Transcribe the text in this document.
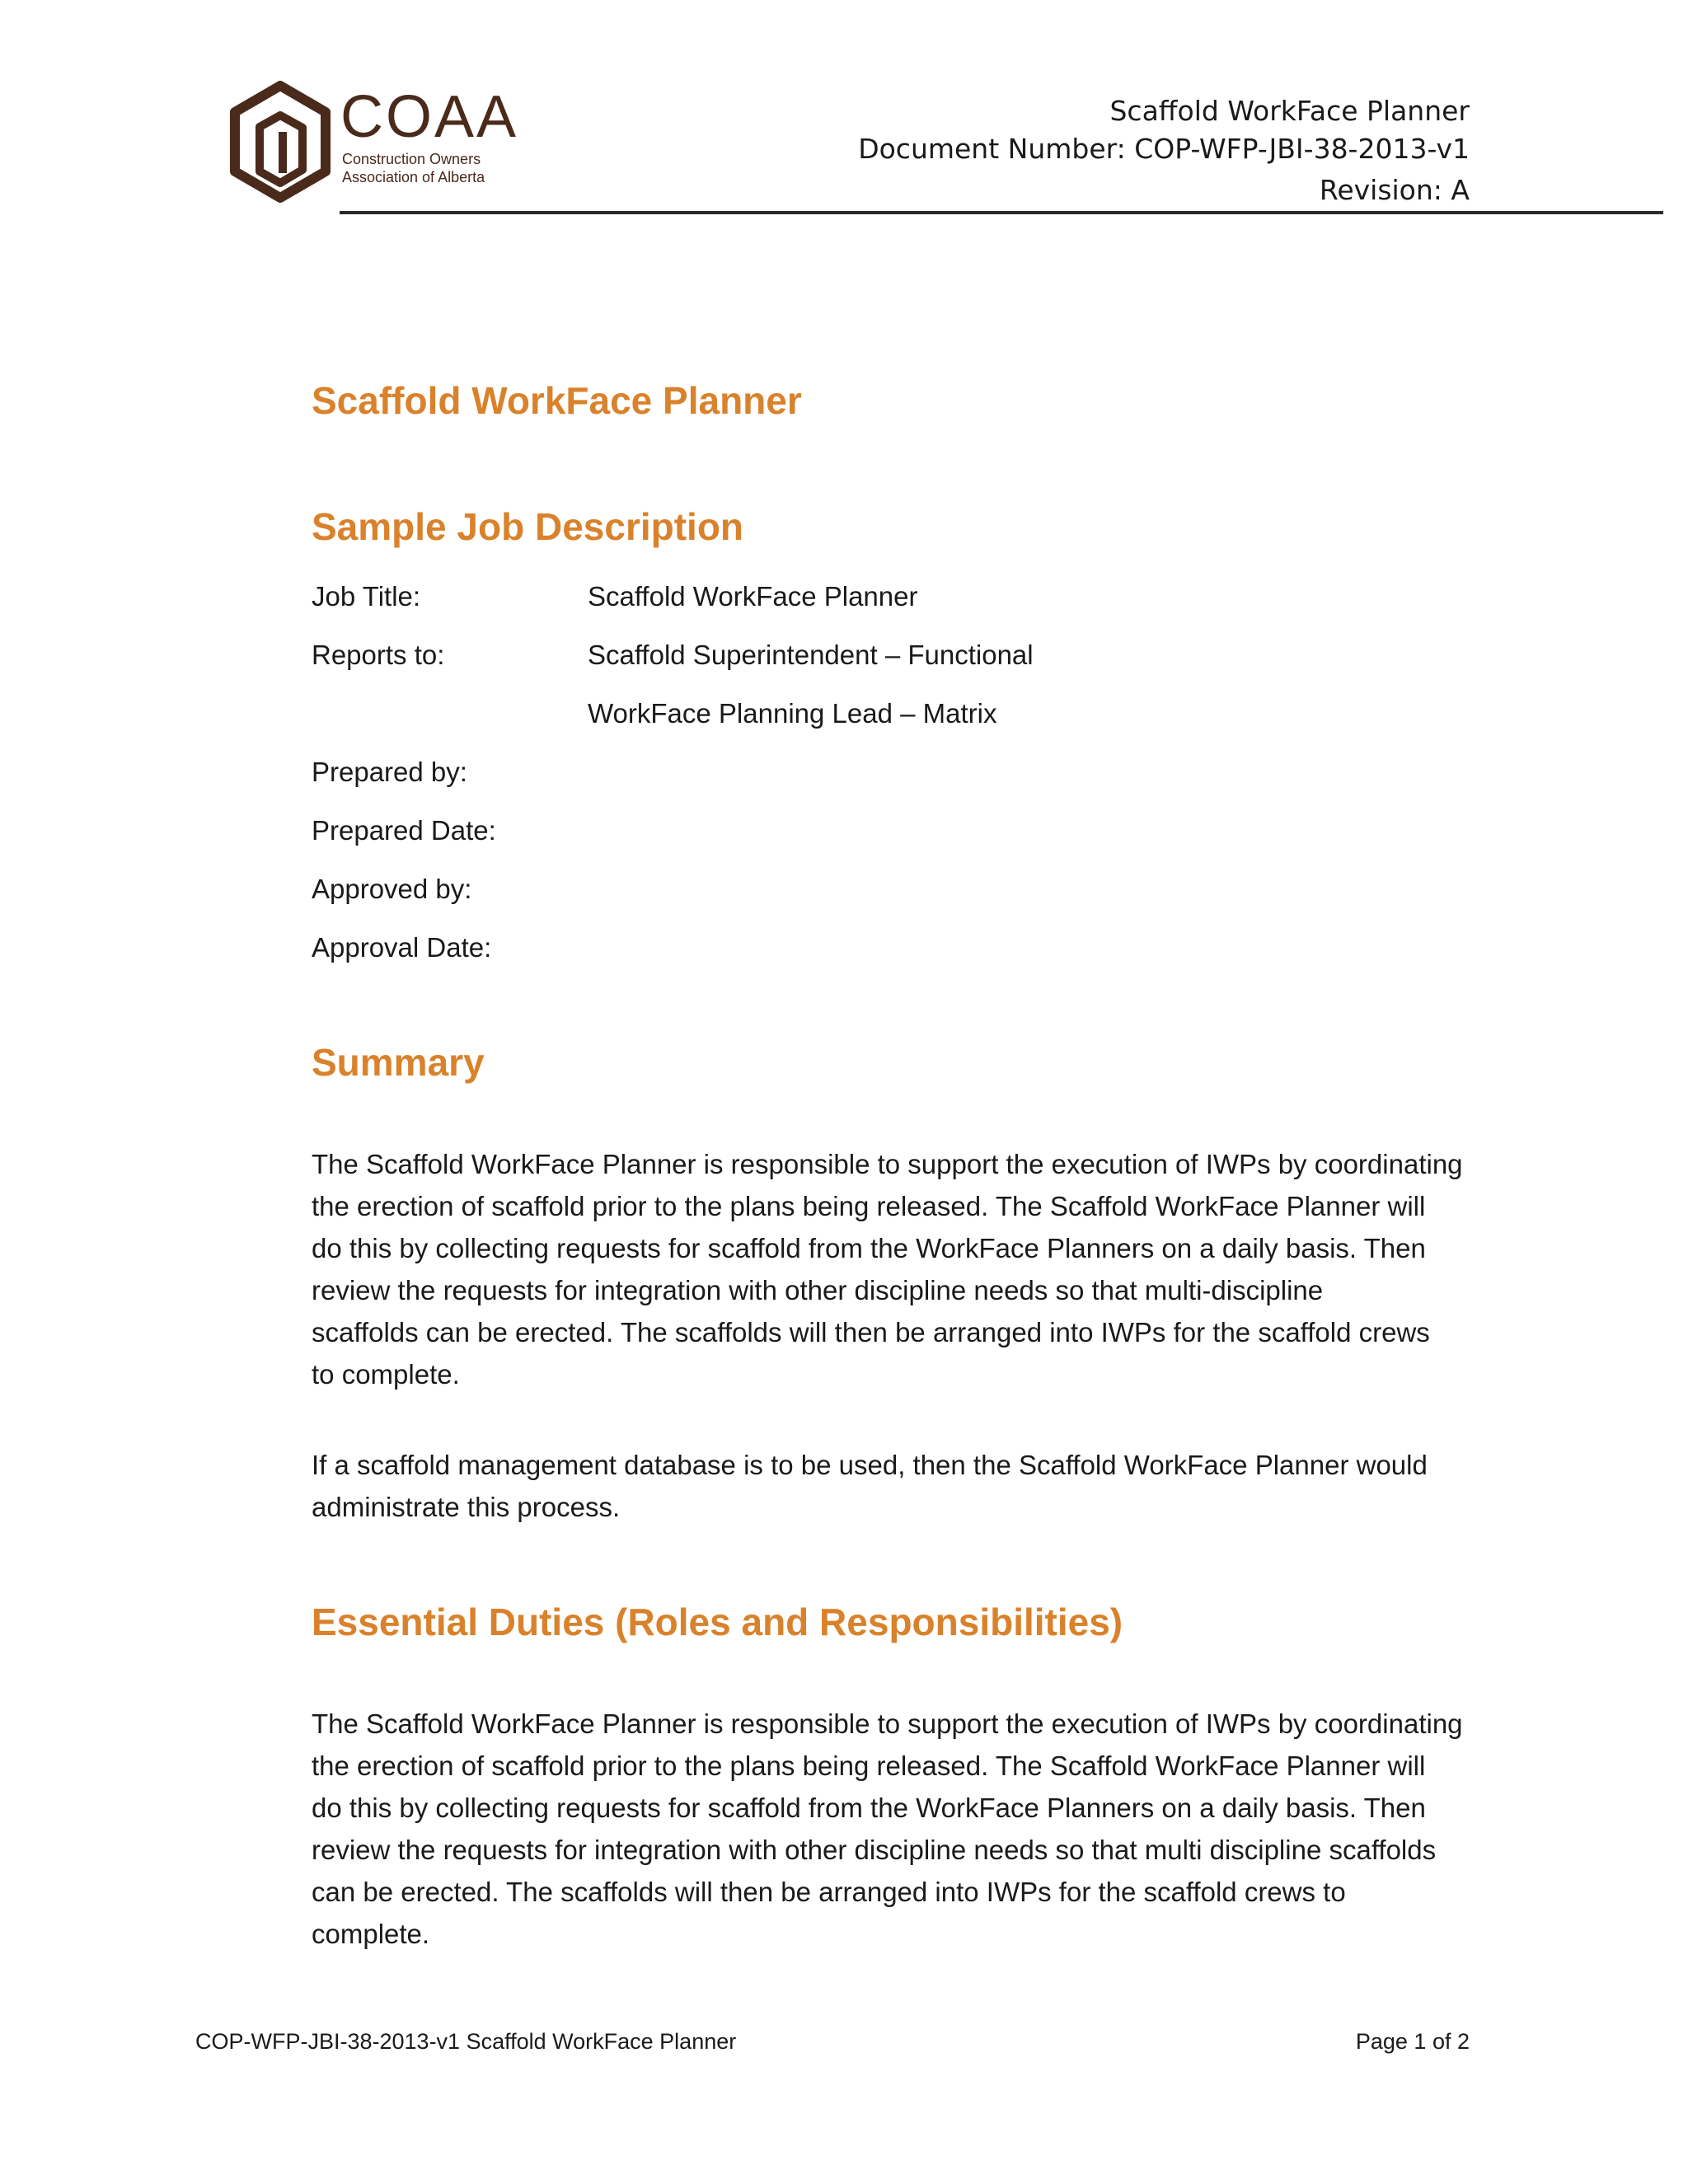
COAA
Construction Owners
Association of Alberta
Scaffold WorkFace Planner
Document Number: COP-WFP-JBI-38-2013-v1
Revision: A
Scaffold WorkFace Planner
Sample Job Description
Job Title:	Scaffold WorkFace Planner
Reports to:	Scaffold Superintendent – Functional
WorkFace Planning Lead – Matrix
Prepared by:
Prepared Date:
Approved by:
Approval Date:
Summary
The Scaffold WorkFace Planner is responsible to support the execution of IWPs by coordinating
the erection of scaffold prior to the plans being released. The Scaffold WorkFace Planner will
do this by collecting requests for scaffold from the WorkFace Planners on a daily basis. Then
review the requests for integration with other discipline needs so that multi-discipline
scaffolds can be erected. The scaffolds will then be arranged into IWPs for the scaffold crews
to complete.
If a scaffold management database is to be used, then the Scaffold WorkFace Planner would
administrate this process.
Essential Duties (Roles and Responsibilities)
The Scaffold WorkFace Planner is responsible to support the execution of IWPs by coordinating
the erection of scaffold prior to the plans being released. The Scaffold WorkFace Planner will
do this by collecting requests for scaffold from the WorkFace Planners on a daily basis. Then
review the requests for integration with other discipline needs so that multi discipline scaffolds
can be erected. The scaffolds will then be arranged into IWPs for the scaffold crews to
complete.
COP-WFP-JBI-38-2013-v1 Scaffold WorkFace Planner	Page 1 of 2
